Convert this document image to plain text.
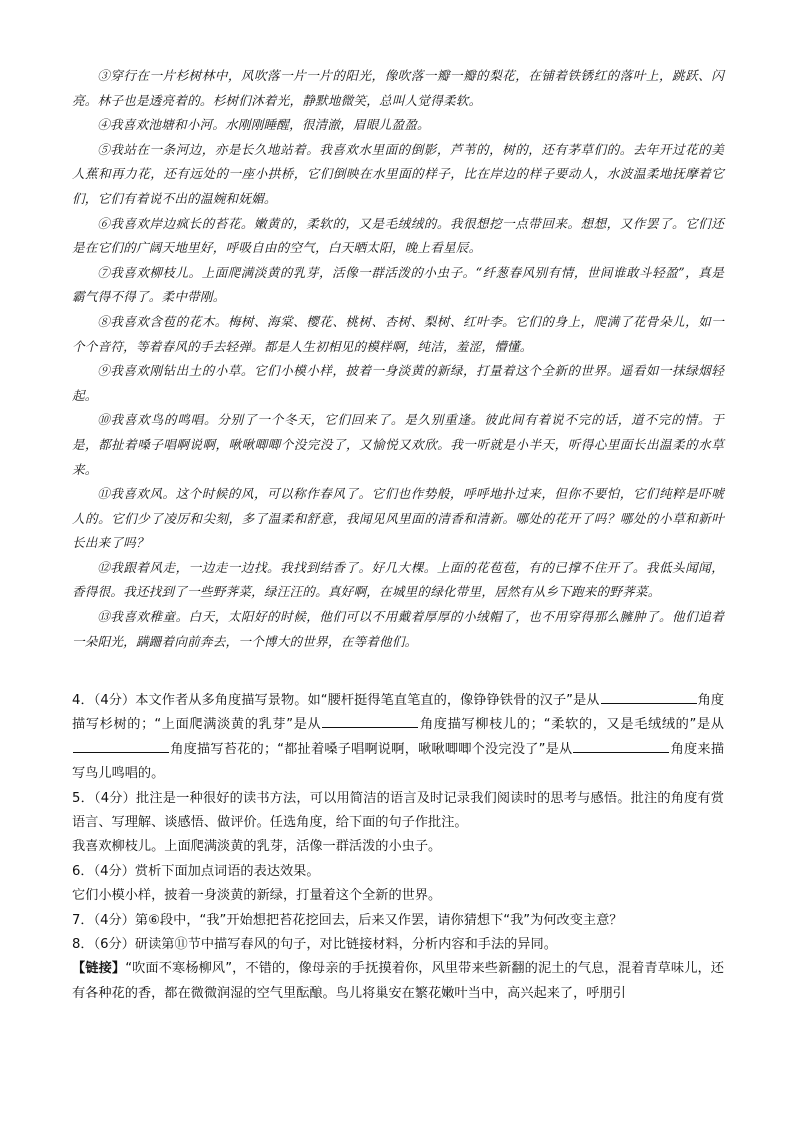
③穿行在一片杉树林中，风吹落一片一片的阳光，像吹落一瓣一瓣的梨花，在铺着铁锈红的落叶上，跳跃、闪亮。林子也是透亮着的。杉树们沐着光，静默地微笑，总叫人觉得柔软。

④我喜欢池塘和小河。水刚刚睡醒，很清澈，眉眼儿盈盈。

⑤我站在一条河边，亦是长久地站着。我喜欢水里面的倒影，芦苇的，树的，还有茅草们的。去年开过花的美人蕉和再力花，还有远处的一座小拱桥，它们倒映在水里面的样子，比在岸边的样子要动人，水波温柔地抚摩着它们，它们有着说不出的温婉和妩媚。

⑥我喜欢岸边疯长的苔花。嫩黄的，柔软的，又是毛绒绒的。我很想挖一点带回来。想想，又作罢了。它们还是在它们的广阔天地里好，呼吸自由的空气，白天晒太阳，晚上看星辰。

⑦我喜欢柳枝儿。上面爬满淡黄的乳芽，活像一群活泼的小虫子。“纤葱春风别有情，世间谁敢斗轻盈”，真是霸气得不得了。柔中带刚。

⑧我喜欢含苞的花木。梅树、海棠、樱花、桃树、杏树、梨树、红叶李。它们的身上，爬满了花骨朵儿，如一个个音符，等着春风的手去轻弹。都是人生初相见的模样啊，纯洁，羞涩，懵懂。

⑨我喜欢刚钻出土的小草。它们小模小样，披着一身淡黄的新绿，打量着这个全新的世界。遥看如一抹绿烟轻起。

⑩我喜欢鸟的鸣唱。分别了一个冬天，它们回来了。是久别重逢。彼此间有着说不完的话，道不完的情。于是，都扯着嗓子唱啊说啊，啾啾唧唧个没完没了，又愉悦又欢欣。我一听就是小半天，听得心里面长出温柔的水草来。

⑪我喜欢风。这个时候的风，可以称作春风了。它们也作势般，呼呼地扑过来，但你不要怕，它们纯粹是吓唬人的。它们少了凌厉和尖刻，多了温柔和舒意，我闻见风里面的清香和清新。哪处的花开了吗？哪处的小草和新叶长出来了吗？

⑫我跟着风走，一边走一边找。我找到结香了。好几大棵。上面的花苞苞，有的已撑不住开了。我低头闻闻，香得很。我还找到了一些野荠菜，绿汪汪的。真好啊，在城里的绿化带里，居然有从乡下跑来的野荠菜。

⑬我喜欢稚童。白天，太阳好的时候，他们可以不用戴着厚厚的小绒帽了，也不用穿得那么臃肿了。他们追着一朵阳光，蹒跚着向前奔去，一个博大的世界，在等着他们。

4．（4分）本文作者从多角度描写景物。如“腰杆挺得笔直笔直的，像铮铮铁骨的汉子”是从	角度描写杉树的；“上面爬满淡黄的乳芽”是从	角度描写柳枝儿的；“柔软的，又是毛绒绒的”是从角度描写苔花的；“都扯着嗓子唱啊说啊，啾啾唧唧个没完没了”是从	角度来描写鸟儿鸣唱的。

5．（4分）批注是一种很好的读书方法，可以用简洁的语言及时记录我们阅读时的思考与感悟。批注的角度有赏语言、写理解、谈感悟、做评价。任选角度，给下面的句子作批注。

我喜欢柳枝儿。上面爬满淡黄的乳芽，活像一群活泼的小虫子。

6．（4分）赏析下面加点词语的表达效果。

它们小模小样，披着一身淡黄的新绿，打量着这个全新的世界。

7．（4分）第⑥段中，“我”开始想把苔花挖回去，后来又作罢，请你猜想下“我”为何改变主意？

8．（6分）研读第⑪节中描写春风的句子，对比链接材料，分析内容和手法的异同。

【链接】“吹面不寒杨柳风”，不错的，像母亲的手抚摸着你，风里带来些新翻的泥土的气息，混着青草味儿，还有各种花的香，都在微微润湿的空气里酝酿。鸟儿将巢安在繁花嫩叶当中，高兴起来了，呼朋引
